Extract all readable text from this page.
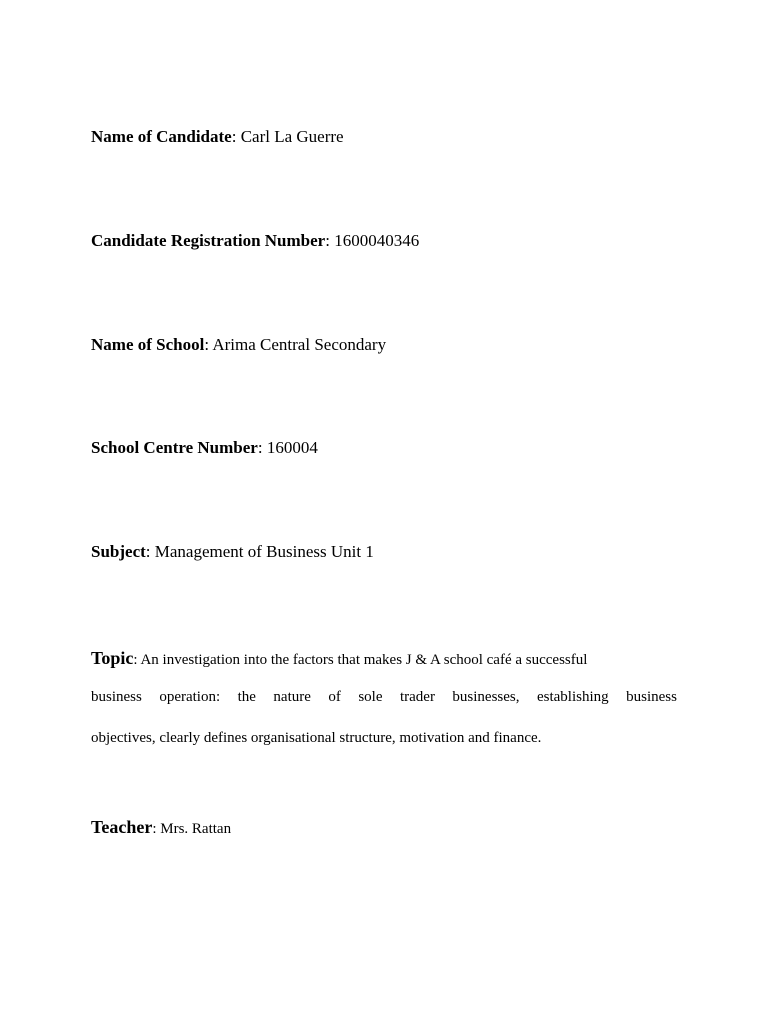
Name of Candidate: Carl La Guerre
Candidate Registration Number: 1600040346
Name of School: Arima Central Secondary
School Centre Number: 160004
Subject: Management of Business Unit 1
Topic: An investigation into the factors that makes J & A school café a successful
business operation: the nature of sole trader businesses, establishing business
objectives, clearly defines organisational structure, motivation and finance.
Teacher: Mrs. Rattan
